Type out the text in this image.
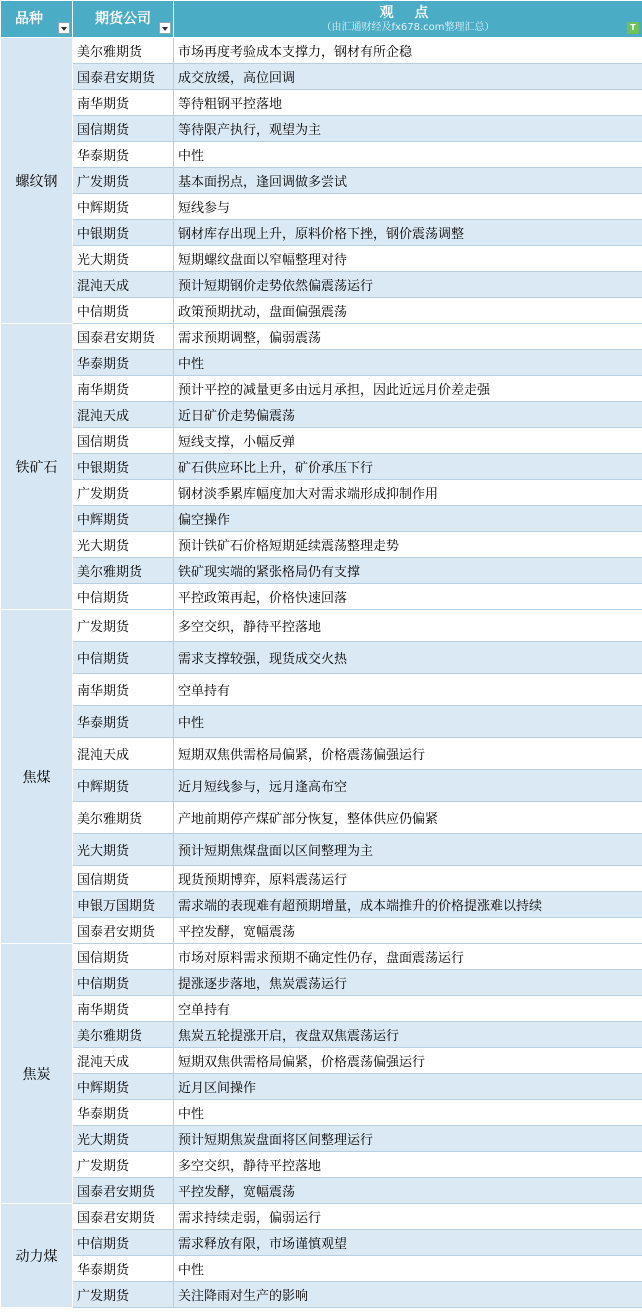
品种	期货公司	观 点
（由汇通财经及fx678.com整理汇总） T

螺纹钢	美尔雅期货	市场再度考验成本支撑力，钢材有所企稳
	国泰君安期货	成交放缓，高位回调
	南华期货	等待粗钢平控落地
	国信期货	等待限产执行，观望为主
	华泰期货	中性
	广发期货	基本面拐点，逢回调做多尝试
	中辉期货	短线参与
	中银期货	钢材库存出现上升，原料价格下挫，钢价震荡调整
	光大期货	短期螺纹盘面以窄幅整理对待
	混沌天成	预计短期钢价走势依然偏震荡运行
	中信期货	政策预期扰动，盘面偏强震荡
铁矿石	国泰君安期货	需求预期调整，偏弱震荡
	华泰期货	中性
	南华期货	预计平控的减量更多由远月承担，因此近远月价差走强
	混沌天成	近日矿价走势偏震荡
	国信期货	短线支撑，小幅反弹
	中银期货	矿石供应环比上升，矿价承压下行
	广发期货	钢材淡季累库幅度加大对需求端形成抑制作用
	中辉期货	偏空操作
	光大期货	预计铁矿石价格短期延续震荡整理走势
	美尔雅期货	铁矿现实端的紧张格局仍有支撑
	中信期货	平控政策再起，价格快速回落
焦煤	广发期货	多空交织，静待平控落地
	中信期货	需求支撑较强，现货成交火热
	南华期货	空单持有
	华泰期货	中性
	混沌天成	短期双焦供需格局偏紧，价格震荡偏强运行
	中辉期货	近月短线参与，远月逢高布空
	美尔雅期货	产地前期停产煤矿部分恢复，整体供应仍偏紧
	光大期货	预计短期焦煤盘面以区间整理为主
	国信期货	现货预期博弈，原料震荡运行
	申银万国期货	需求端的表现难有超预期增量，成本端推升的价格提涨难以持续
	国泰君安期货	平控发酵，宽幅震荡
焦炭	国信期货	市场对原料需求预期不确定性仍存，盘面震荡运行
	中信期货	提涨逐步落地，焦炭震荡运行
	南华期货	空单持有
	美尔雅期货	焦炭五轮提涨开启，夜盘双焦震荡运行
	混沌天成	短期双焦供需格局偏紧，价格震荡偏强运行
	中辉期货	近月区间操作
	华泰期货	中性
	光大期货	预计短期焦炭盘面将区间整理运行
	广发期货	多空交织，静待平控落地
	国泰君安期货	平控发酵，宽幅震荡
动力煤	国泰君安期货	需求持续走弱，偏弱运行
	中信期货	需求释放有限，市场谨慎观望
	华泰期货	中性
	广发期货	关注降雨对生产的影响
